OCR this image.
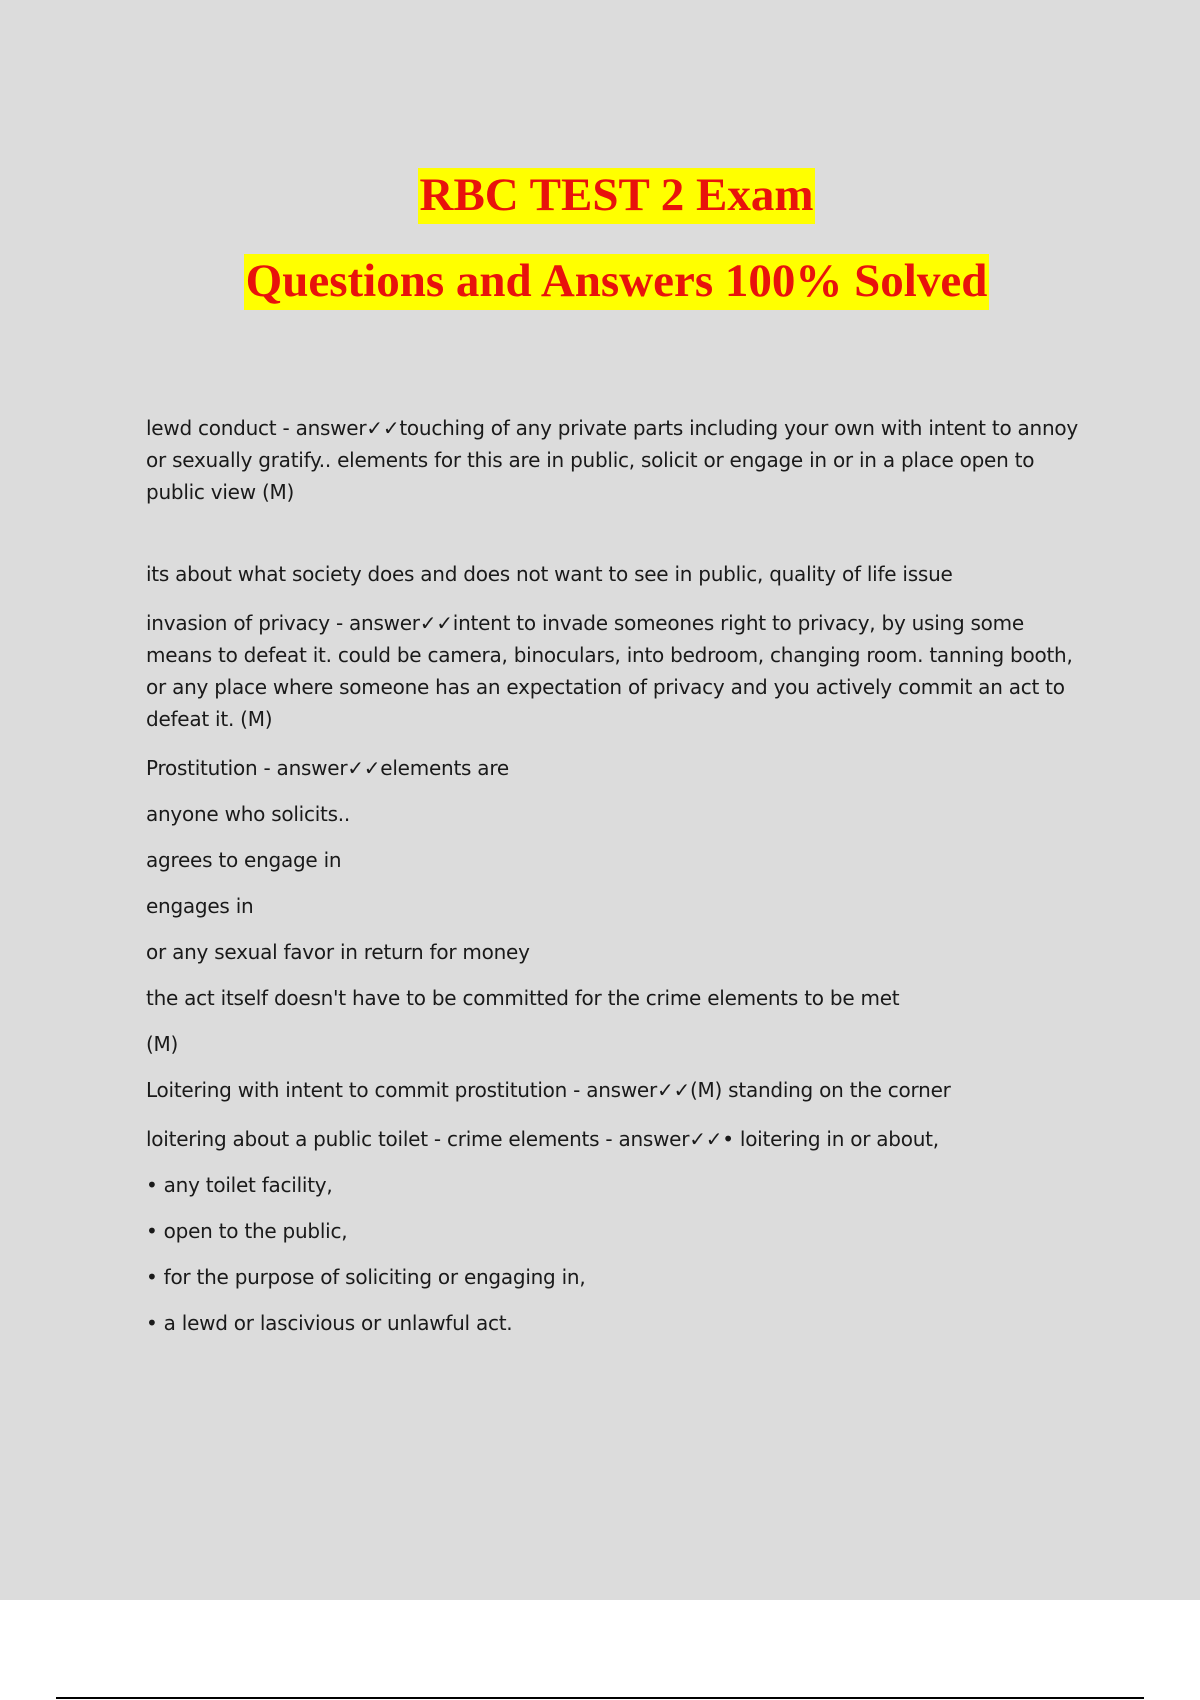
RBC TEST 2 Exam
Questions and Answers 100% Solved

lewd conduct - answer✓✓touching of any private parts including your own with intent to annoy or sexually gratify.. elements for this are in public, solicit or engage in or in a place open to public view (M)

its about what society does and does not want to see in public, quality of life issue

invasion of privacy - answer✓✓intent to invade someones right to privacy, by using some means to defeat it. could be camera, binoculars, into bedroom, changing room. tanning booth, or any place where someone has an expectation of privacy and you actively commit an act to defeat it. (M)

Prostitution - answer✓✓elements are

anyone who solicits..

agrees to engage in

engages in

or any sexual favor in return for money

the act itself doesn't have to be committed for the crime elements to be met

(M)

Loitering with intent to commit prostitution - answer✓✓(M) standing on the corner

loitering about a public toilet - crime elements - answer✓✓• loitering in or about,

• any toilet facility,

• open to the public,

• for the purpose of soliciting or engaging in,

• a lewd or lascivious or unlawful act.
